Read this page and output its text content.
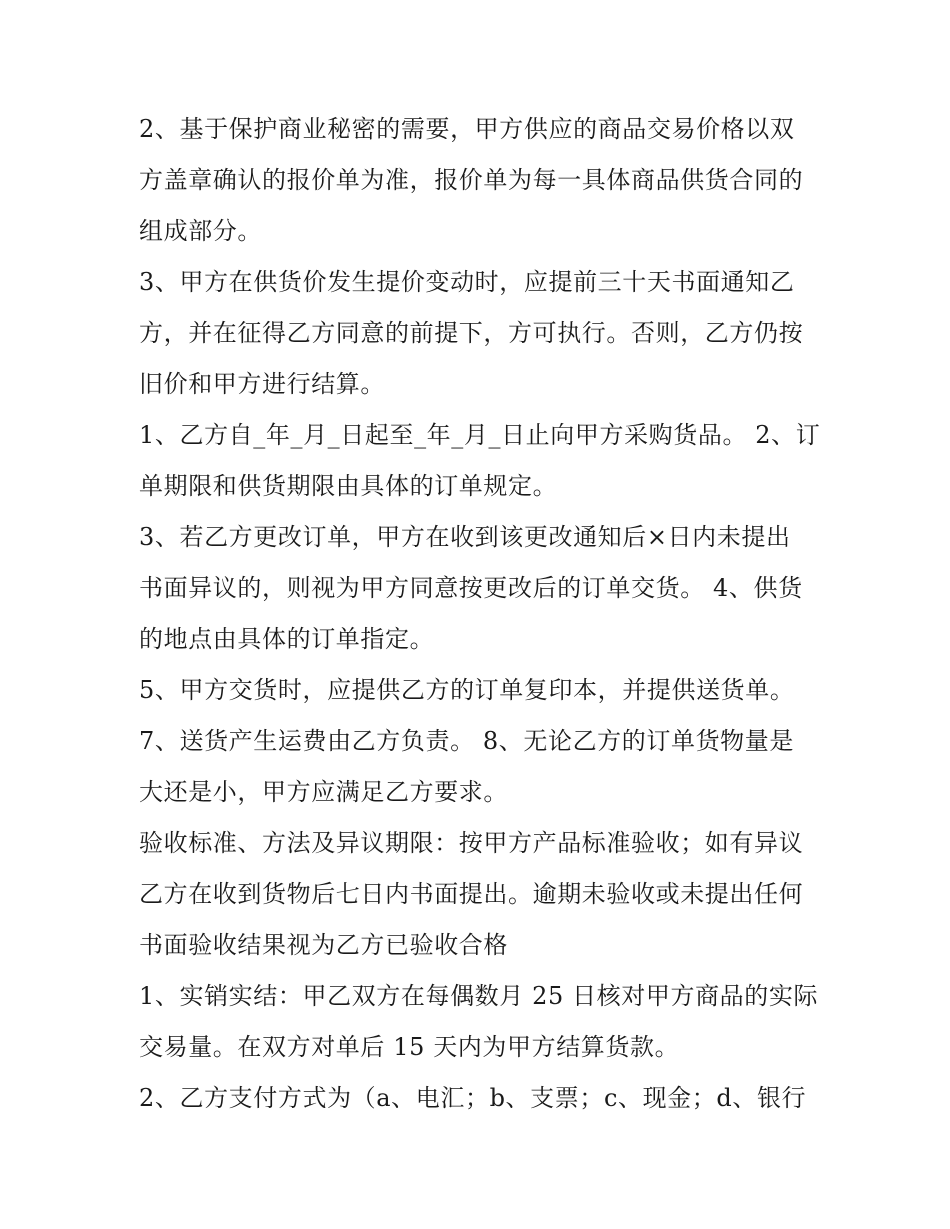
2、基于保护商业秘密的需要，甲方供应的商品交易价格以双
方盖章确认的报价单为准，报价单为每一具体商品供货合同的
组成部分。
3、甲方在供货价发生提价变动时，应提前三十天书面通知乙
方，并在征得乙方同意的前提下，方可执行。否则，乙方仍按
旧价和甲方进行结算。
1、乙方自_年_月_日起至_年_月_日止向甲方采购货品。 2、订
单期限和供货期限由具体的订单规定。
3、若乙方更改订单，甲方在收到该更改通知后×日内未提出
书面异议的，则视为甲方同意按更改后的订单交货。 4、供货
的地点由具体的订单指定。
5、甲方交货时，应提供乙方的订单复印本，并提供送货单。
7、送货产生运费由乙方负责。 8、无论乙方的订单货物量是
大还是小，甲方应满足乙方要求。
验收标准、方法及异议期限：按甲方产品标准验收；如有异议
乙方在收到货物后七日内书面提出。逾期未验收或未提出任何
书面验收结果视为乙方已验收合格
1、实销实结：甲乙双方在每偶数月 25 日核对甲方商品的实际
交易量。在双方对单后 15 天内为甲方结算货款。
2、乙方支付方式为（a、电汇；b、支票；c、现金；d、银行
